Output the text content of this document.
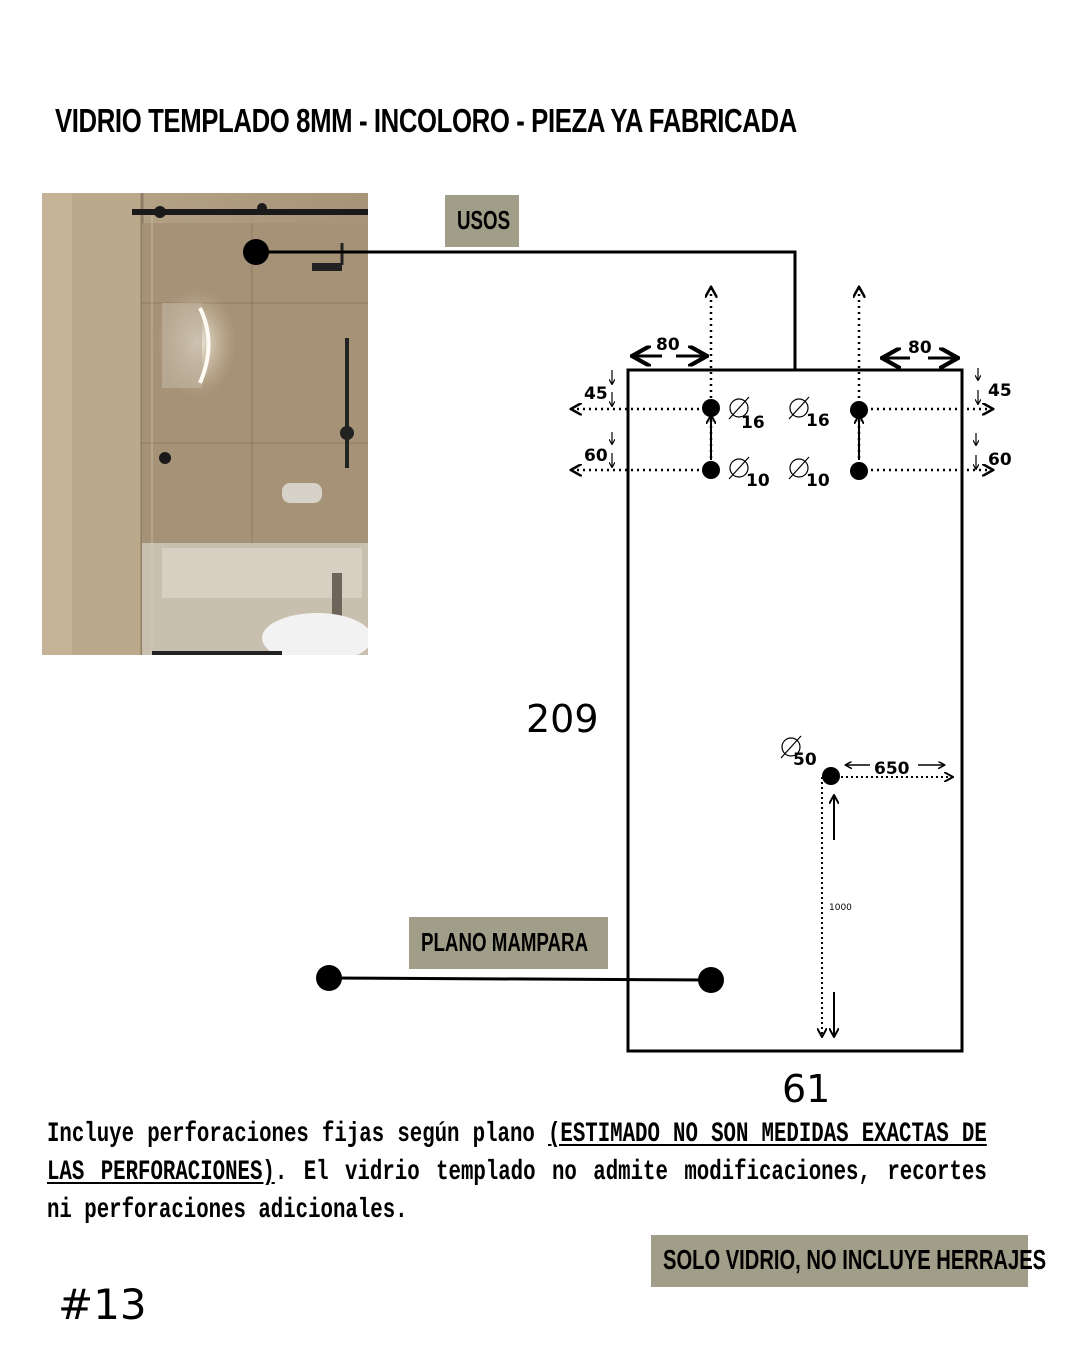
VIDRIO TEMPLADO 8MM - INCOLORO - PIEZA YA FABRICADA
USOS
PLANO MAMPARA
80	80
45
60
45
60
16 16
10 10
50
209
61
650
1000
Incluye perforaciones fijas según plano (ESTIMADO NO SON MEDIDAS EXACTAS DE LAS PERFORACIONES). El vidrio templado no admite modificaciones, recortes ni perforaciones adicionales.
SOLO VIDRIO, NO INCLUYE HERRAJES
#13
